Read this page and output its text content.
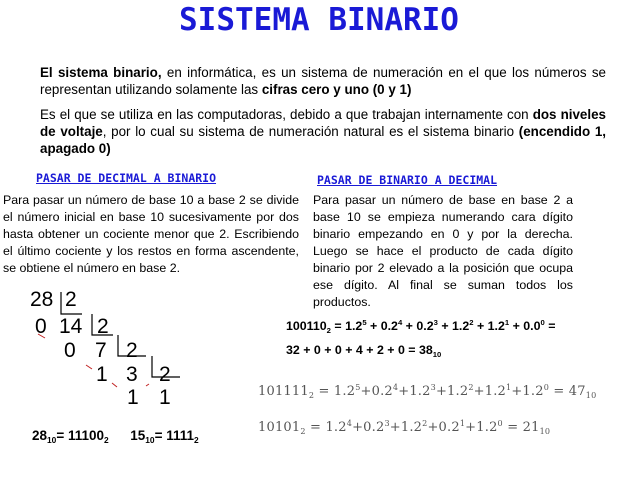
SISTEMA BINARIO
El sistema binario, en informática, es un sistema de numeración en el que los números se representan utilizando solamente las cifras cero y uno (0 y 1)
Es el que se utiliza en las computadoras, debido a que trabajan internamente con dos niveles de voltaje, por lo cual su sistema de numeración natural es el sistema binario (encendido 1, apagado 0)
PASAR DE DECIMAL A BINARIO	PASAR DE BINARIO A DECIMAL
Para pasar un número de base 10 a base 2 se divide el número inicial en base 10 sucesivamente por dos hasta obtener un cociente menor que 2. Escribiendo el último cociente y los restos en forma ascendente, se obtiene el número en base 2.
Para pasar un número de base en base 2 a base 10 se empieza numerando cara dígito binario empezando en 0 y por la derecha. Luego se hace el producto de cada dígito binario por 2 elevado a la posición que ocupa ese dígito. Al final se suman todos los productos.
28 2
0 14 2
0 7 2
1 3 2
1 1
$28_{10}= 11100_2$ $15_{10}= 1111_2$
$100110_2 = 1.2^5 + 0.2^4 + 0.2^3 + 1.2^2 + 1.2^1 + 0.0^0$ =
$32 + 0 + 0 + 4 + 2 + 0 = 38_{10}$
$101111_2 = 1.2^5+0.2^4+1.2^3+1.2^2+1.2^1+1.2^0 = 47_{10}$
$10101_2 = 1.2^4+0.2^3+1.2^2+0.2^1+1.2^0 = 21_{10}$
